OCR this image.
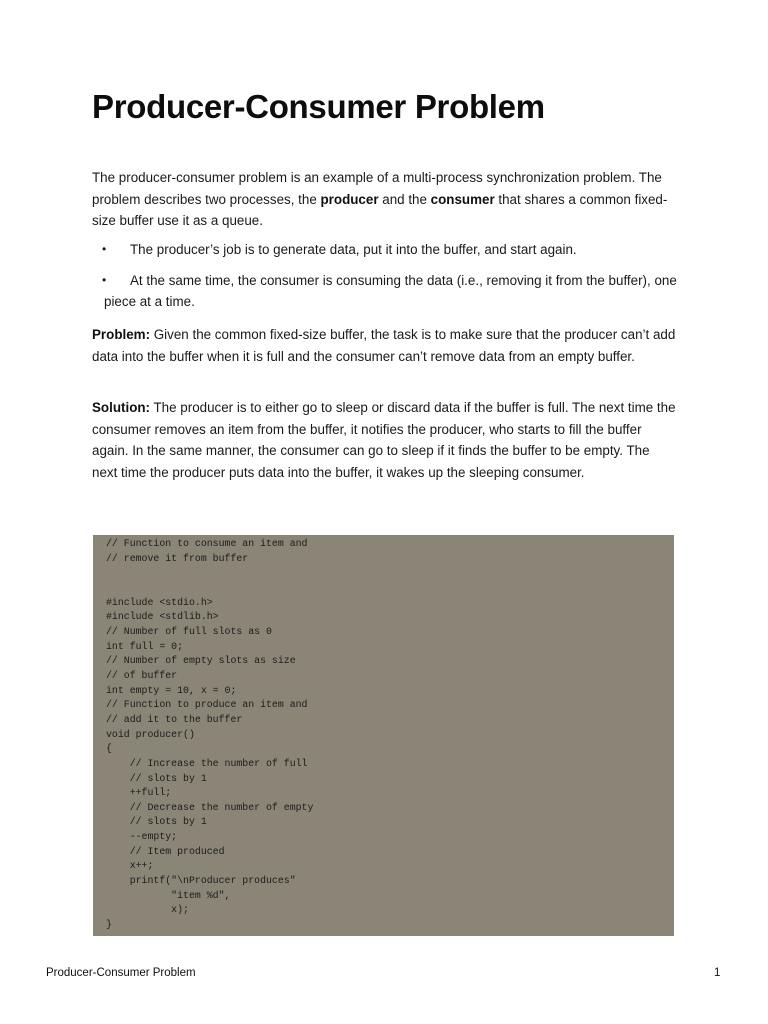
Producer-Consumer Problem

The producer-consumer problem is an example of a multi-process synchronization problem. The problem describes two processes, the producer and the consumer that shares a common fixed-size buffer use it as a queue.

•	The producer’s job is to generate data, put it into the buffer, and start again.
•	At the same time, the consumer is consuming the data (i.e., removing it from the buffer), one piece at a time.

Problem: Given the common fixed-size buffer, the task is to make sure that the producer can’t add data into the buffer when it is full and the consumer can’t remove data from an empty buffer.

Solution: The producer is to either go to sleep or discard data if the buffer is full. The next time the consumer removes an item from the buffer, it notifies the producer, who starts to fill the buffer again. In the same manner, the consumer can go to sleep if it finds the buffer to be empty. The next time the producer puts data into the buffer, it wakes up the sleeping consumer.

// Function to consume an item and
// remove it from buffer

#include <stdio.h>
#include <stdlib.h>
// Number of full slots as 0
int full = 0;
// Number of empty slots as size
// of buffer
int empty = 10, x = 0;
// Function to produce an item and
// add it to the buffer
void producer()
{
// Increase the number of full
// slots by 1
++full;
// Decrease the number of empty
// slots by 1
--empty;
// Item produced
x++;
printf("\nProducer produces"
"item %d",
x);
}
Producer-Consumer Problem	1
